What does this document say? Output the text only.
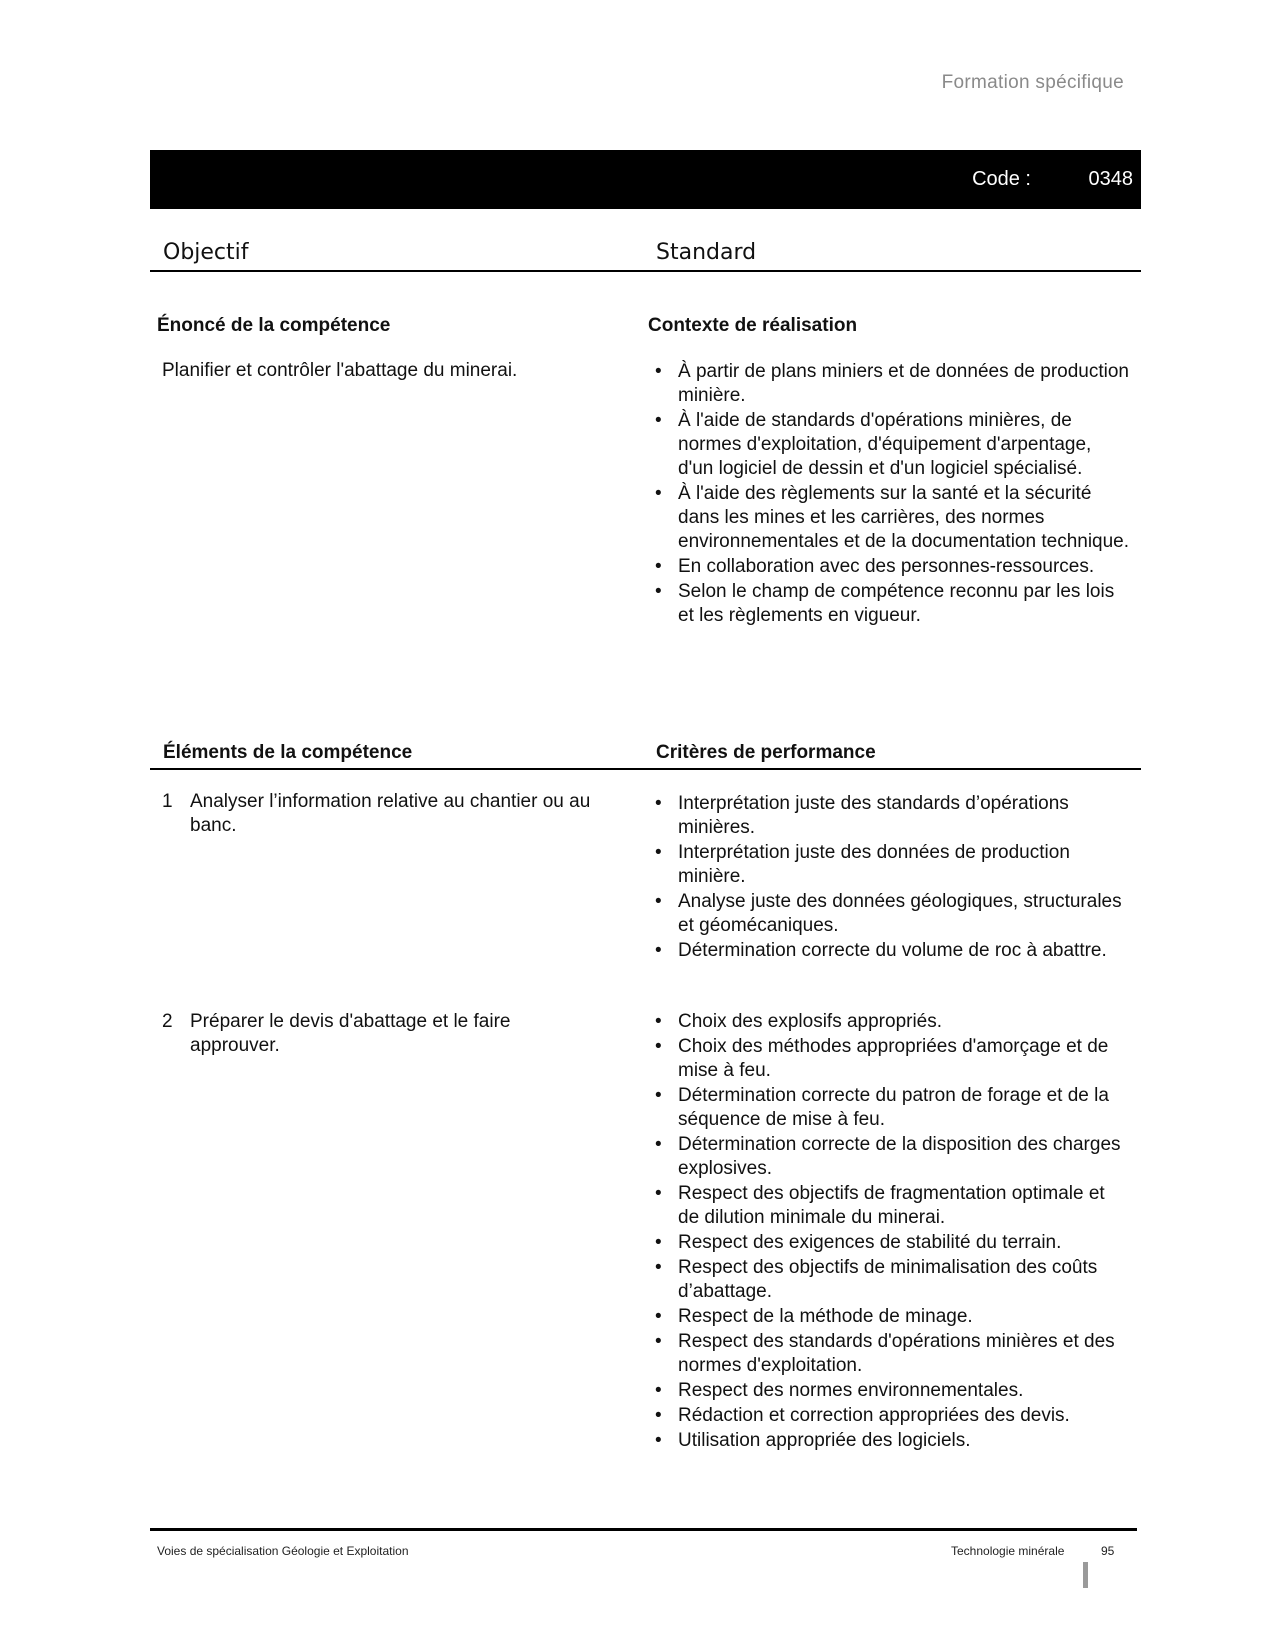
Formation spécifique
Code :	0348
Objectif	Standard
Énoncé de la compétence	Contexte de réalisation
Planifier et contrôler l'abattage du minerai.
•	À partir de plans miniers et de données de production minière.
• À l'aide de standards d'opérations minières, de normes d'exploitation, d'équipement d'arpentage, d'un logiciel de dessin et d'un logiciel spécialisé.
• À l'aide des règlements sur la santé et la sécurité dans les mines et les carrières, des normes environnementales et de la documentation technique.
• En collaboration avec des personnes-ressources.
• Selon le champ de compétence reconnu par les lois et les règlements en vigueur.
Éléments de la compétence	Critères de performance
1 Analyser l’information relative au chantier ou au banc.
• Interprétation juste des standards d’opérations minières.
• Interprétation juste des données de production minière.
• Analyse juste des données géologiques, structurales et géomécaniques.
• Détermination correcte du volume de roc à abattre.
2 Préparer le devis d'abattage et le faire approuver.
• Choix des explosifs appropriés.
• Choix des méthodes appropriées d'amorçage et de mise à feu.
• Détermination correcte du patron de forage et de la séquence de mise à feu.
• Détermination correcte de la disposition des charges explosives.
• Respect des objectifs de fragmentation optimale et de dilution minimale du minerai.
• Respect des exigences de stabilité du terrain.
• Respect des objectifs de minimalisation des coûts d’abattage.
• Respect de la méthode de minage.
• Respect des standards d'opérations minières et des normes d'exploitation.
• Respect des normes environnementales.
• Rédaction et correction appropriées des devis.
• Utilisation appropriée des logiciels.
Voies de spécialisation Géologie et Exploitation	Technologie minérale	95
